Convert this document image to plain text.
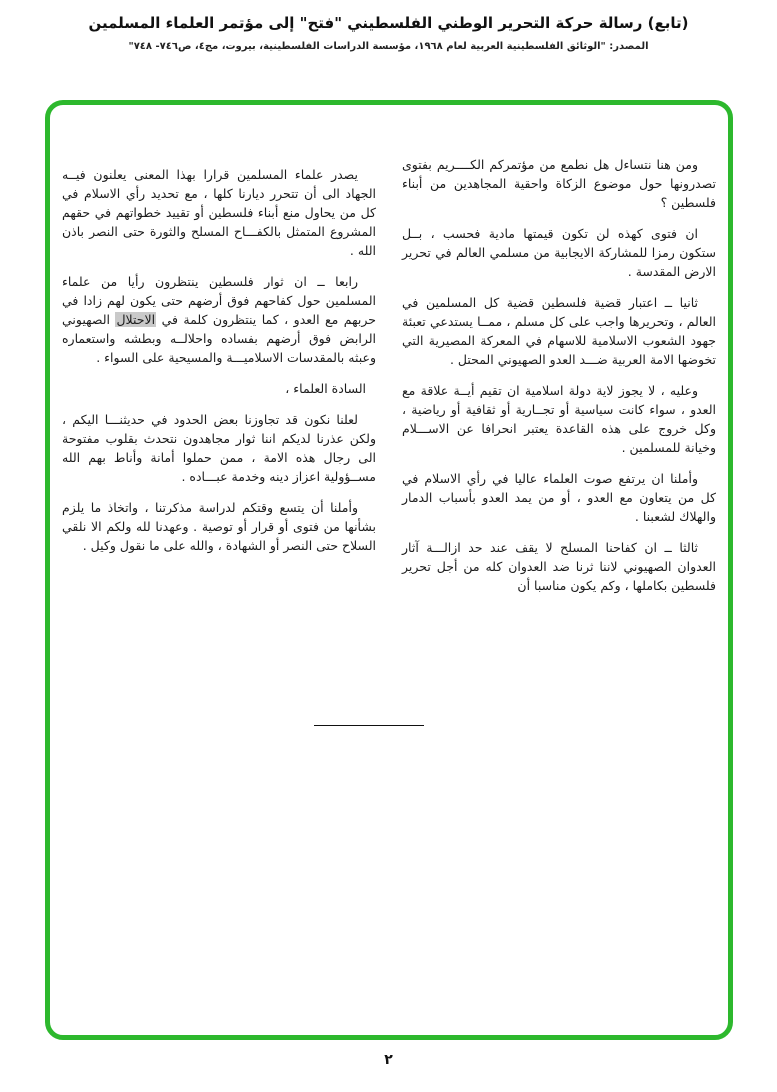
(تابع) رسالة حركة التحرير الوطني الفلسطيني "فتح" إلى مؤتمر العلماء المسلمين
المصدر: "الوثائق الفلسطينية العربية لعام ١٩٦٨، مؤسسة الدراسات الفلسطينية، بيروت، مج٤، ص٧٤٦- ٧٤٨"

ومن هنا نتساءل هل نطمع من مؤتمركم الكــــريم بفتوى تصدرونها حول موضوع الزكاة واحقية المجاهدين من أبناء فلسطين ؟

ان فتوى كهذه لن تكون قيمتها مادية فحسب ، بــل ستكون رمزا للمشاركة الايجابية من مسلمي العالم في تحرير الارض المقدسة .

ثانيا ــ اعتبار قضية فلسطين قضية كل المسلمين في العالم ، وتحريرها واجب على كل مسلم ، ممــا يستدعي تعبئة جهود الشعوب الاسلامية للاسهام في المعركة المصيرية التي تخوضها الامة العربية ضـــد العدو الصهيوني المحتل .

وعليه ، لا يجوز لاية دولة اسلامية ان تقيم أيــة علاقة مع العدو ، سواء كانت سياسية أو تجــارية أو ثقافية أو رياضية ، وكل خروج على هذه القاعدة يعتبر انحرافا عن الاســـلام وخيانة للمسلمين .

وأملنا ان يرتفع صوت العلماء عاليا في رأي الاسلام في كل من يتعاون مع العدو ، أو من يمد العدو بأسباب الدمار والهلاك لشعبنا .

ثالثا ــ ان كفاحنا المسلح لا يقف عند حد ازالـــة آثار العدوان الصهيوني لاننا ثرنا ضد العدوان كله من أجل تحرير فلسطين بكاملها ، وكم يكون مناسبا أن

يصدر علماء المسلمين قرارا بهذا المعنى يعلنون فيــه الجهاد الى أن تتحرر ديارنا كلها ، مع تحديد رأي الاسلام في كل من يحاول منع أبناء فلسطين أو تقييد خطواتهم في حقهم المشروع المتمثل بالكفـــاح المسلح والثورة حتى النصر باذن الله .

رابعا ــ ان ثوار فلسطين ينتظرون رأيا من علماء المسلمين حول كفاحهم فوق أرضهم حتى يكون لهم زادا في حربهم مع العدو ، كما ينتظرون كلمة في الاحتلال الصهيوني الرابض فوق أرضهم بفساده واحلالــه وبطشه واستعماره وعبثه بالمقدسات الاسلاميـــة والمسيحية على السواء .

السادة العلماء ،

لعلنا نكون قد تجاوزنا بعض الحدود في حديثنـــا اليكم ، ولكن عذرنا لديكم اننا ثوار مجاهدون نتحدث بقلوب مفتوحة الى رجال هذه الامة ، ممن حملوا أمانة وأناط بهم الله مســؤولية اعزاز دينه وخدمة عبـــاده .

وأملنا أن يتسع وقتكم لدراسة مذكرتنا ، واتخاذ ما يلزم بشأنها من فتوى أو قرار أو توصية . وعهدنا لله ولكم الا نلقي السلاح حتى النصر أو الشهادة ، والله على ما نقول وكيل .

٢
